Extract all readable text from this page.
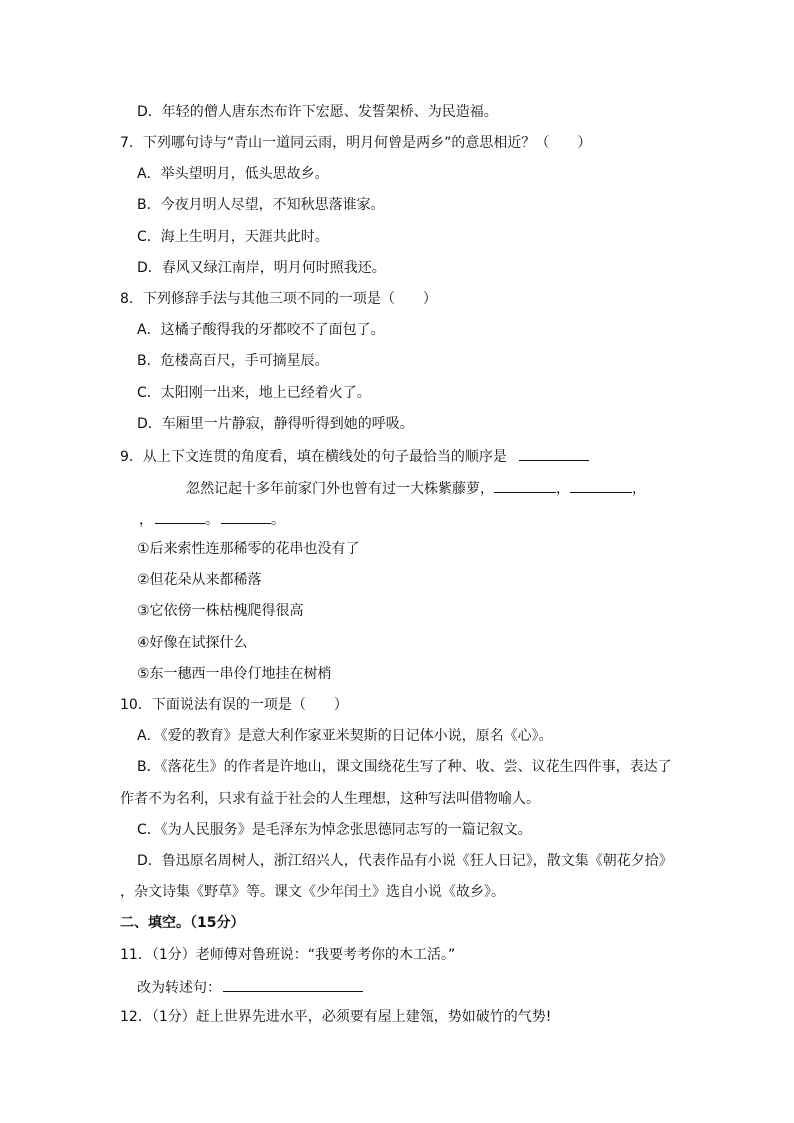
D．年轻的僧人唐东杰布许下宏愿、发誓架桥、为民造福。
7．下列哪句诗与“青山一道同云雨，明月何曾是两乡”的意思相近？（　　）
A．举头望明月，低头思故乡。
B．今夜月明人尽望，不知秋思落谁家。
C．海上生明月，天涯共此时。
D．春风又绿江南岸，明月何时照我还。
8．下列修辞手法与其他三项不同的一项是（　　）
A．这橘子酸得我的牙都咬不了面包了。
B．危楼高百尺，手可摘星辰。
C．太阳刚一出来，地上已经着火了。
D．车厢里一片静寂，静得听得到她的呼吸。
9．从上下文连贯的角度看，填在横线处的句子最恰当的顺序是
忽然记起十多年前家门外也曾有过一大株紫藤萝，	，	，
，	。	。
①后来索性连那稀零的花串也没有了
②但花朵从来都稀落
③它依傍一株枯槐爬得很高
④好像在试探什么
⑤东一穗西一串伶仃地挂在树梢
10．下面说法有误的一项是（　　）
A．《爱的教育》是意大利作家亚米契斯的日记体小说，原名《心》。
B．《落花生》的作者是许地山，课文围绕花生写了种、收、尝、议花生四件事，表达了
作者不为名利，只求有益于社会的人生理想，这种写法叫借物喻人。
C．《为人民服务》是毛泽东为悼念张思德同志写的一篇记叙文。
D．鲁迅原名周树人，浙江绍兴人，代表作品有小说《狂人日记》，散文集《朝花夕拾》
，杂文诗集《野草》等。课文《少年闰土》选自小说《故乡》。
二、填空。（15分）
11．（1分）老师傅对鲁班说：“我要考考你的木工活。”
改为转述句：
12．（1分）赶上世界先进水平，必须要有屋上建瓴，势如破竹的气势!
